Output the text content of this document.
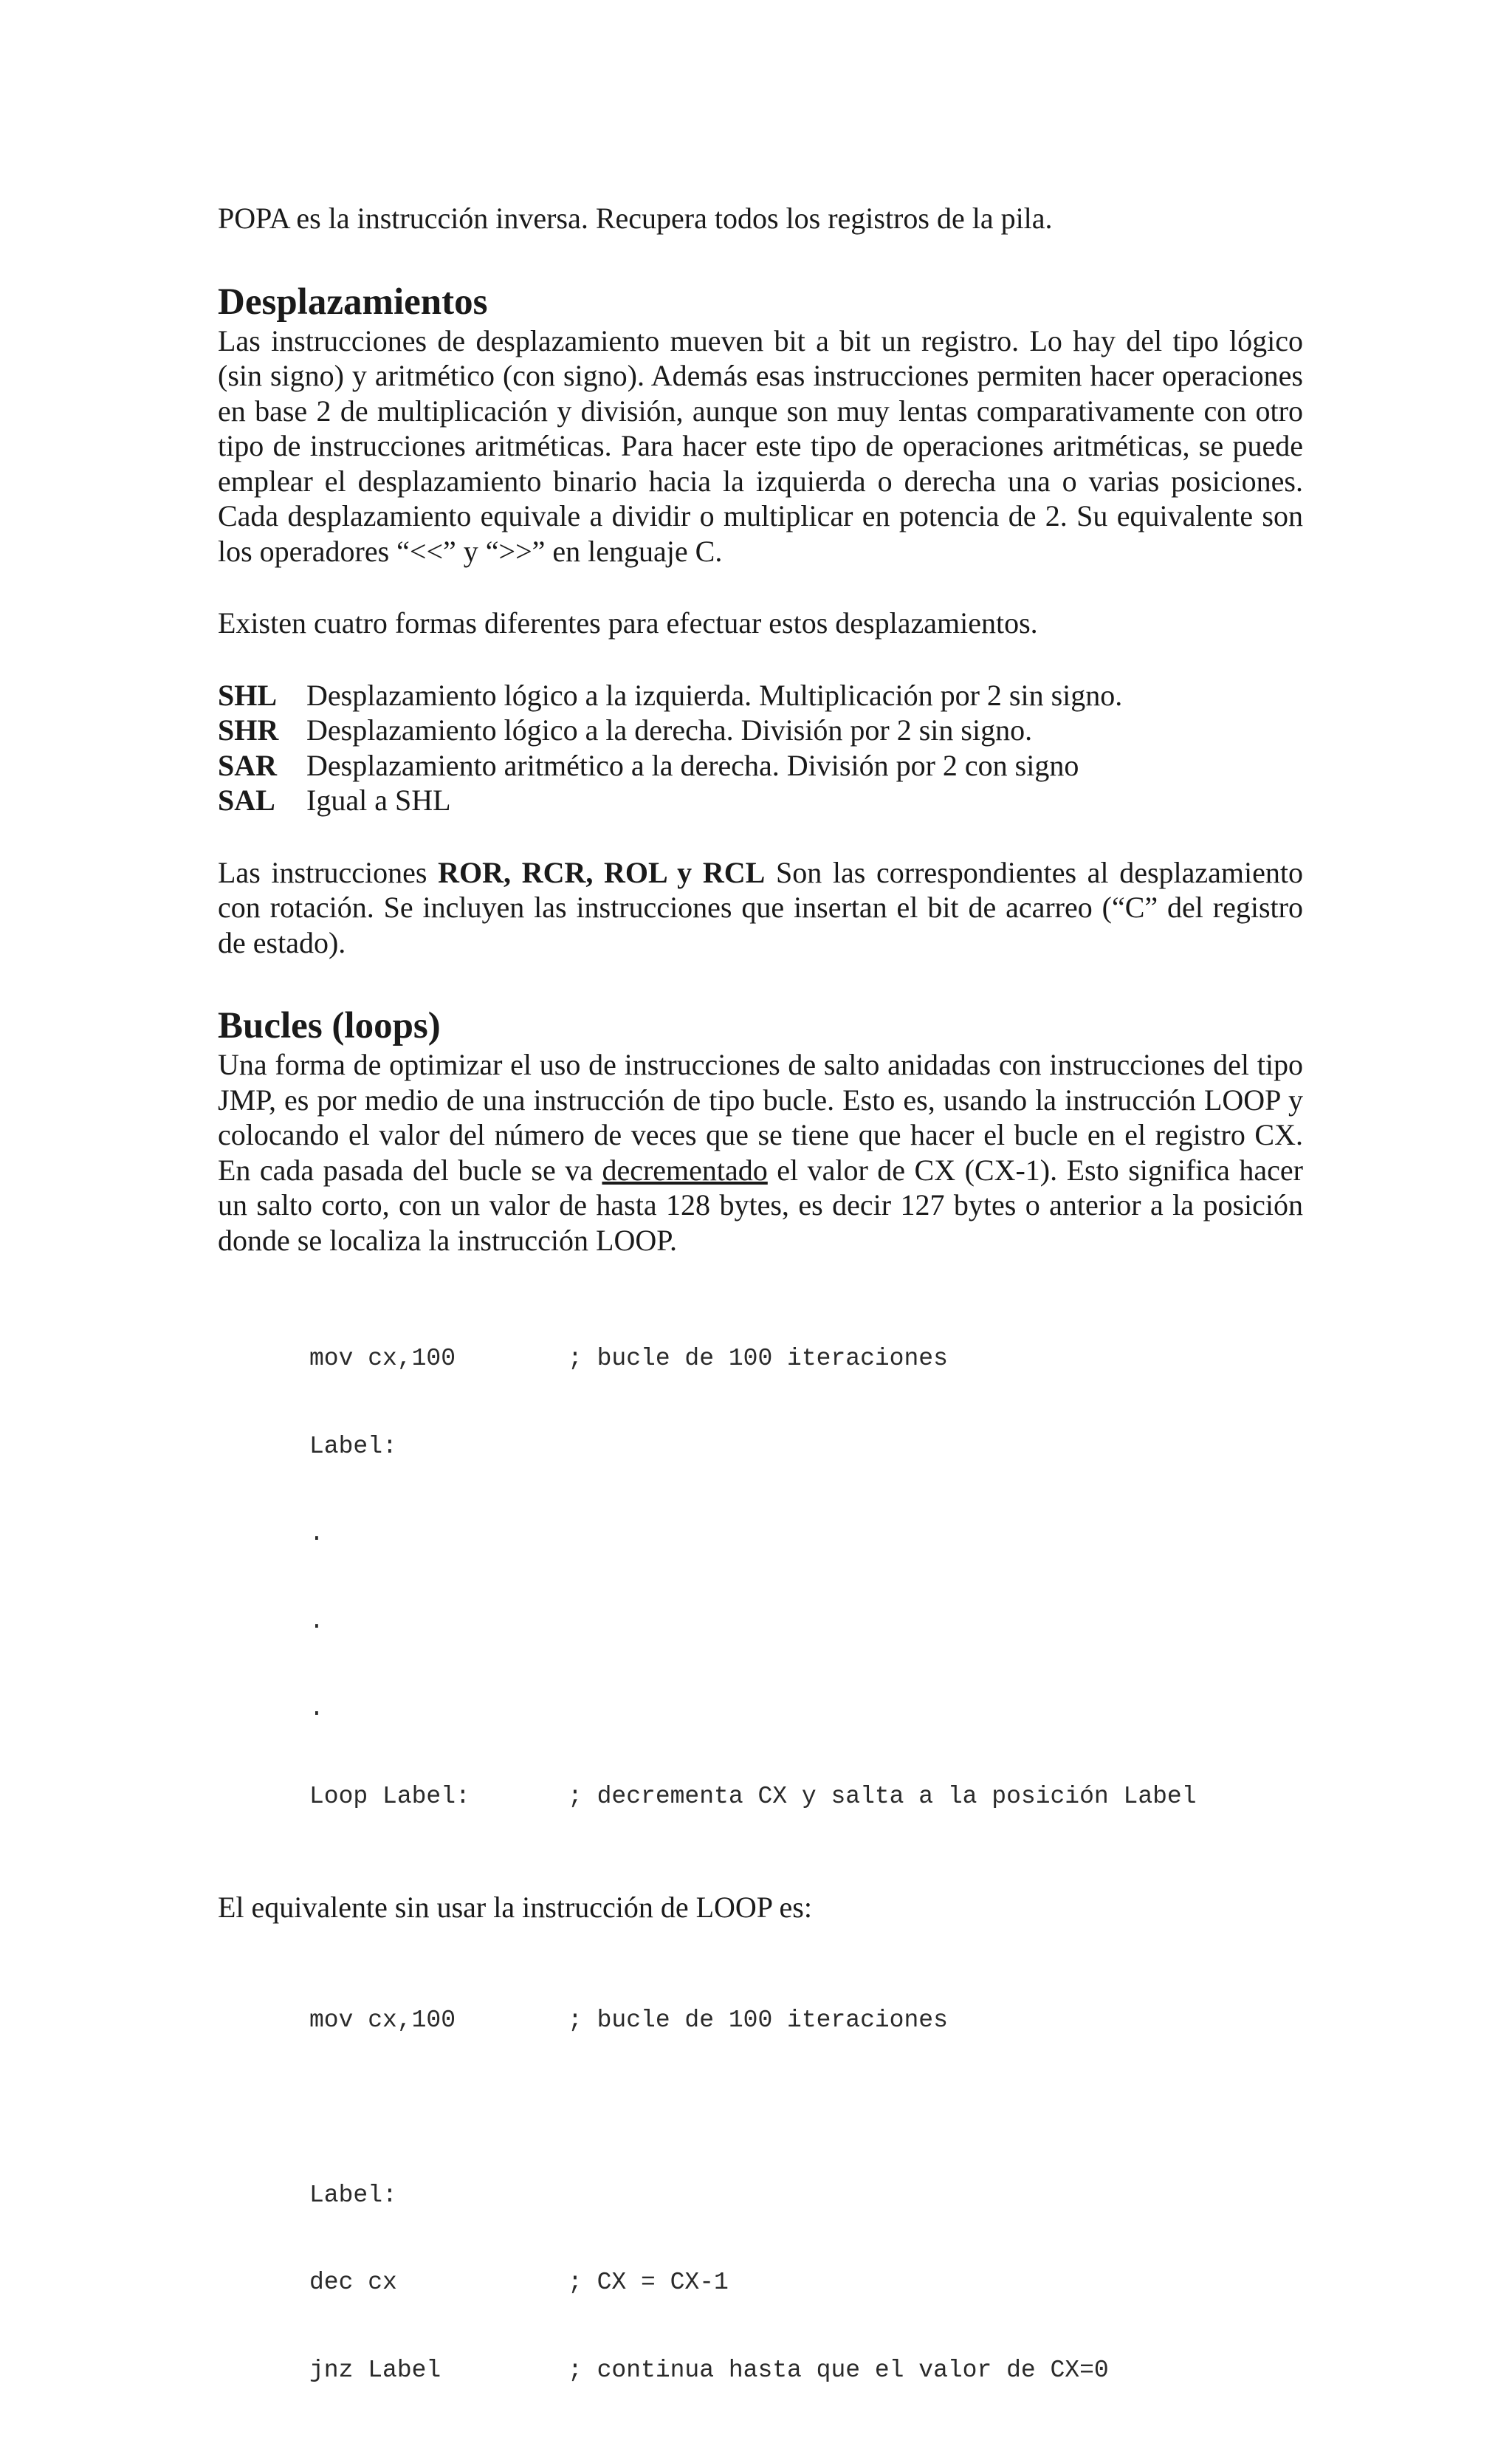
POPA es la instrucción inversa. Recupera todos los registros de la pila.

Desplazamientos

Las instrucciones de desplazamiento mueven bit a bit un registro. Lo hay del tipo lógico (sin signo) y aritmético (con signo). Además esas instrucciones permiten hacer operaciones en base 2 de multiplicación y división, aunque son muy lentas comparativamente con otro tipo de instrucciones aritméticas. Para hacer este tipo de operaciones aritméticas, se puede emplear el desplazamiento binario hacia la izquierda o derecha una o varias posiciones. Cada desplazamiento equivale a dividir o multiplicar en potencia de 2. Su equivalente son los operadores “<<” y “>>” en lenguaje C.

Existen cuatro formas diferentes para efectuar estos desplazamientos.

SHL Desplazamiento lógico a la izquierda. Multiplicación por 2 sin signo.
SHR Desplazamiento lógico a la derecha. División por 2 sin signo.
SAR Desplazamiento aritmético a la derecha. División por 2 con signo
SAL	Igual a SHL

Las instrucciones ROR, RCR, ROL y RCL Son las correspondientes al desplazamiento con rotación. Se incluyen las instrucciones que insertan el bit de acarreo (“C” del registro de estado).

Bucles (loops)

Una forma de optimizar el uso de instrucciones de salto anidadas con instrucciones del tipo JMP, es por medio de una instrucción de tipo bucle. Esto es, usando la instrucción LOOP y colocando el valor del número de veces que se tiene que hacer el bucle en el registro CX. En cada pasada del bucle se va decrementado el valor de CX (CX-1). Esto significa hacer un salto corto, con un valor de hasta 128 bytes, es decir 127 bytes o anterior a la posición donde se localiza la instrucción LOOP.

mov cx,100	; bucle de 100 iteraciones

Label:

.

.

.

Loop Label:	; decrementa CX y salta a la posición Label

El equivalente sin usar la instrucción de LOOP es:

mov cx,100	; bucle de 100 iteraciones

Label:

dec cx	; CX = CX-1

jnz Label	; continua hasta que el valor de CX=0
